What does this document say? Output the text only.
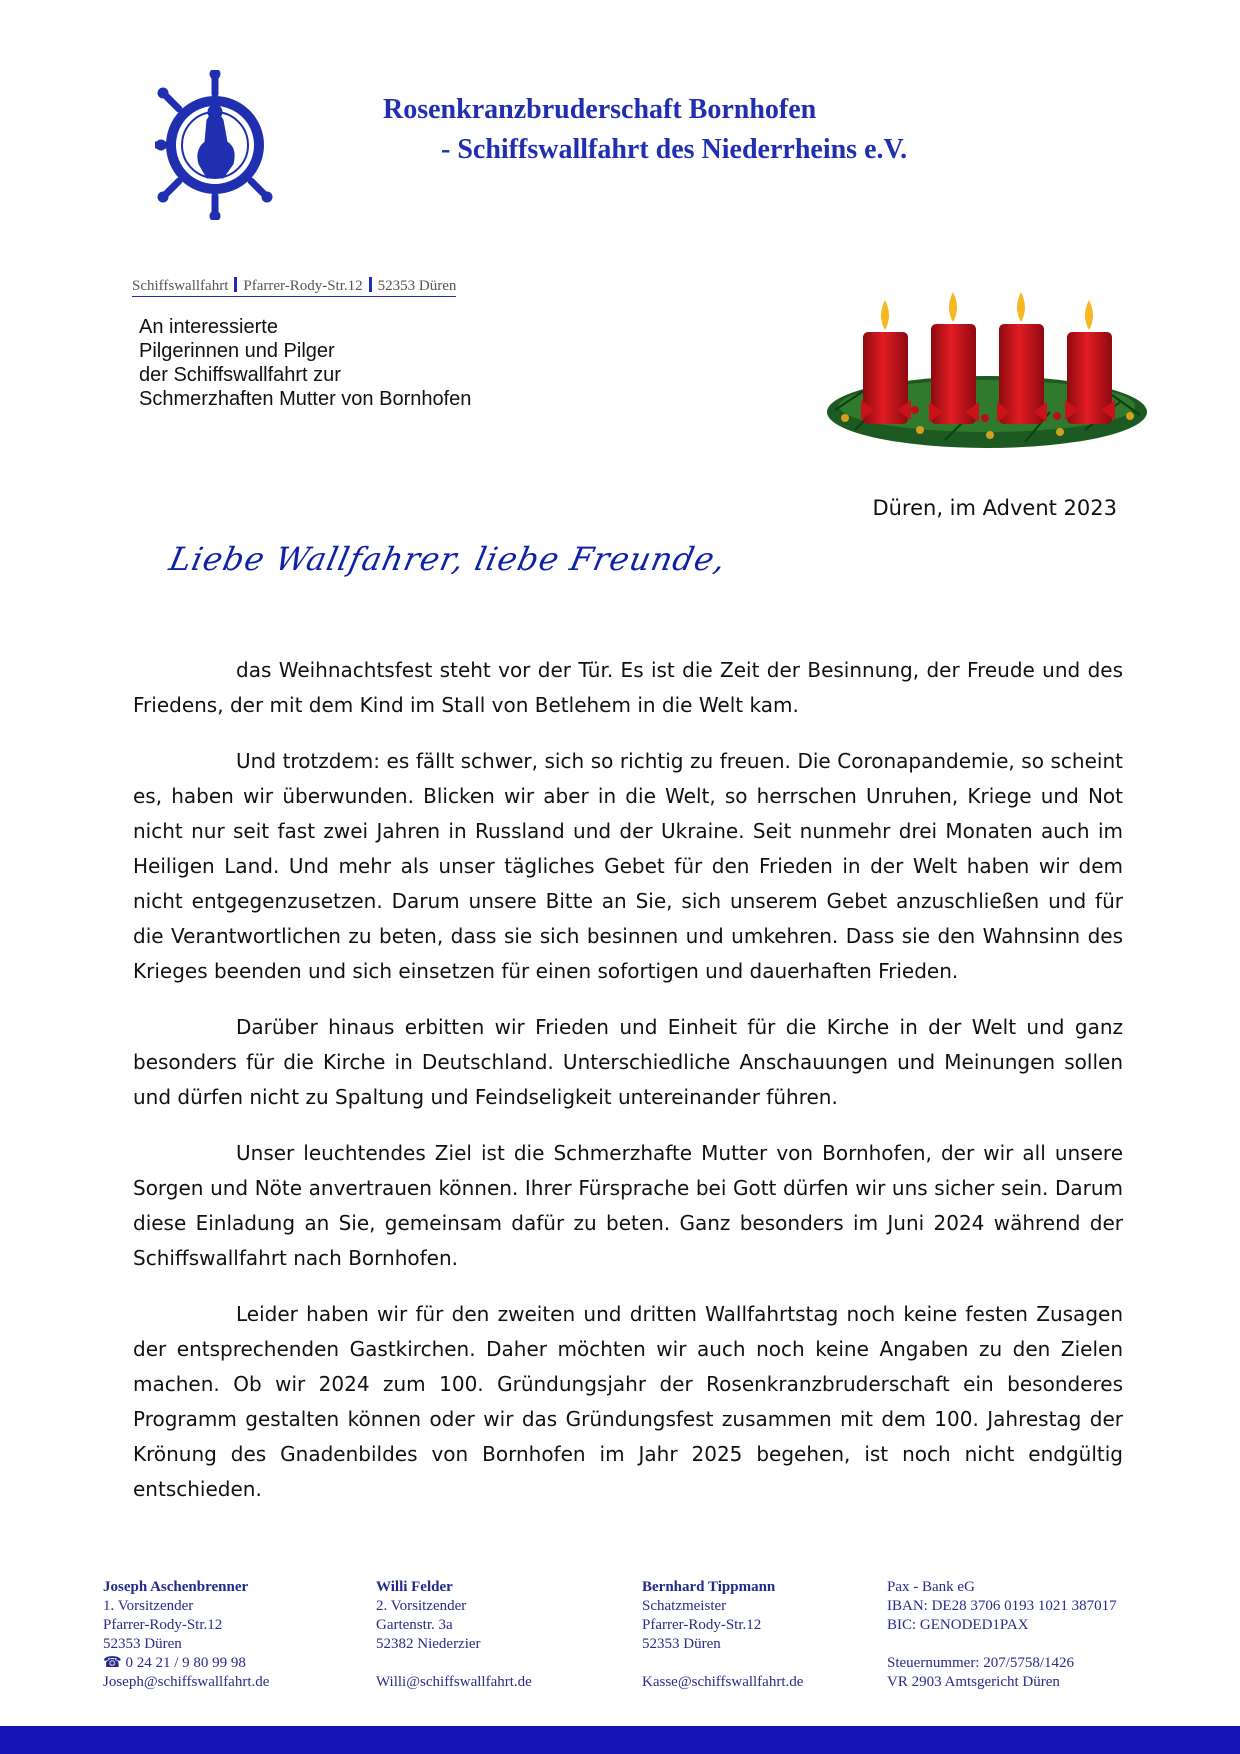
Rosenkranzbruderschaft Bornhofen
- Schiffswallfahrt des Niederrheins e.V.
Schiffswallfahrt Pfarrer-Rody-Str.12 52353 Düren
An interessierte
Pilgerinnen und Pilger
der Schiffswallfahrt zur
Schmerzhaften Mutter von Bornhofen
Düren, im Advent 2023
Liebe Wallfahrer, liebe Freunde,

das Weihnachtsfest steht vor der Tür. Es ist die Zeit der Besinnung, der Freude und des Friedens, der mit dem Kind im Stall von Betlehem in die Welt kam.

Und trotzdem: es fällt schwer, sich so richtig zu freuen. Die Coronapandemie, so scheint es, haben wir überwunden. Blicken wir aber in die Welt, so herrschen Unruhen, Kriege und Not nicht nur seit fast zwei Jahren in Russland und der Ukraine. Seit nunmehr drei Monaten auch im Heiligen Land. Und mehr als unser tägliches Gebet für den Frieden in der Welt haben wir dem nicht entgegenzusetzen. Darum unsere Bitte an Sie, sich unserem Gebet anzuschließen und für die Verantwortlichen zu beten, dass sie sich besinnen und umkehren. Dass sie den Wahnsinn des Krieges beenden und sich einsetzen für einen sofortigen und dauerhaften Frieden.

Darüber hinaus erbitten wir Frieden und Einheit für die Kirche in der Welt und ganz besonders für die Kirche in Deutschland. Unterschiedliche Anschauungen und Meinungen sollen und dürfen nicht zu Spaltung und Feindseligkeit untereinander führen.

Unser leuchtendes Ziel ist die Schmerzhafte Mutter von Bornhofen, der wir all unsere Sorgen und Nöte anvertrauen können. Ihrer Fürsprache bei Gott dürfen wir uns sicher sein. Darum diese Einladung an Sie, gemeinsam dafür zu beten. Ganz besonders im Juni 2024 während der Schiffswallfahrt nach Bornhofen.

Leider haben wir für den zweiten und dritten Wallfahrtstag noch keine festen Zusagen der entsprechenden Gastkirchen. Daher möchten wir auch noch keine Angaben zu den Zielen machen. Ob wir 2024 zum 100. Gründungsjahr der Rosenkranzbruderschaft ein besonderes Programm gestalten können oder wir das Gründungsfest zusammen mit dem 100. Jahrestag der Krönung des Gnadenbildes von Bornhofen im Jahr 2025 begehen, ist noch nicht endgültig entschieden.

Joseph Aschenbrenner
1. Vorsitzender
Pfarrer-Rody-Str.12
52353 Düren
☎ 0 24 21 / 9 80 99 98
Joseph@schiffswallfahrt.de
Willi Felder
2. Vorsitzender
Gartenstr. 3a
52382 Niederzier
Willi@schiffswallfahrt.de
Bernhard Tippmann
Schatzmeister
Pfarrer-Rody-Str.12
52353 Düren
Kasse@schiffswallfahrt.de
Pax - Bank eG
IBAN: DE28 3706 0193 1021 387017
BIC: GENODED1PAX
Steuernummer: 207/5758/1426
VR 2903 Amtsgericht Düren
